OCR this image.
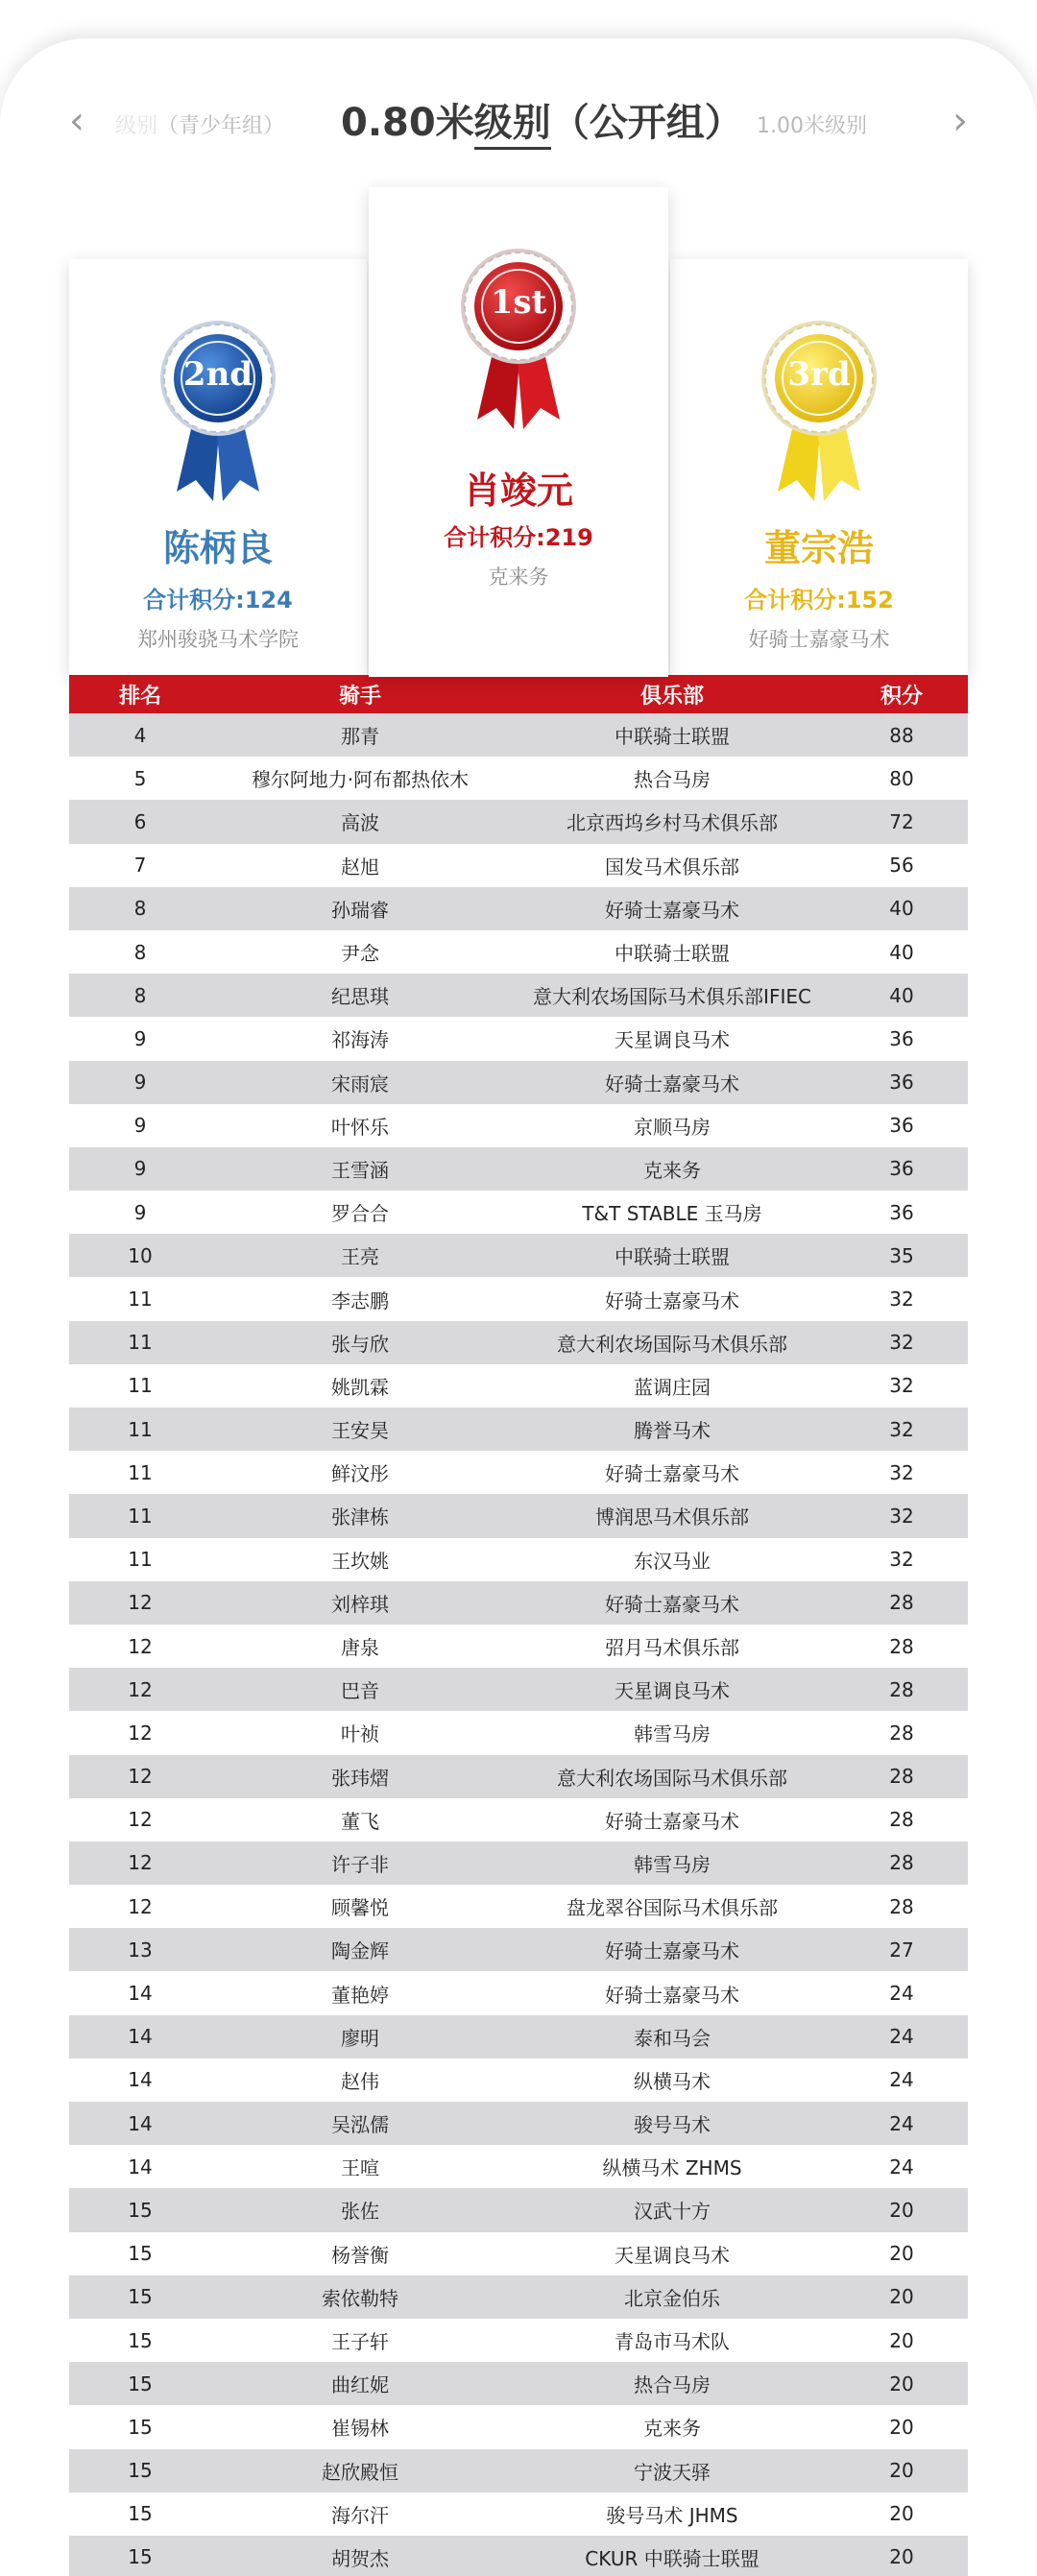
‹	级别（青少年组） 0.80米级别（公开组） 1.00米级别 ›
2nd
陈柄良
合计积分:124
郑州骏骁马术学院
1st
肖竣元
合计积分:219
克来务
3rd
董宗浩
合计积分:152
好骑士嘉豪马术
排名	骑手	俱乐部	积分
4	那青	中联骑士联盟	88
5	穆尔阿地力·阿布都热依木	热合马房	80
6	高波	北京西坞乡村马术俱乐部	72
7	赵旭	国发马术俱乐部	56
8	孙瑞睿	好骑士嘉豪马术	40
8	尹念	中联骑士联盟	40
8	纪思琪	意大利农场国际马术俱乐部IFIEC	40
9	祁海涛	天星调良马术	36
9	宋雨宸	好骑士嘉豪马术	36
9	叶怀乐	京顺马房	36
9	王雪涵	克来务	36
9	罗合合	T&T STABLE 玉马房	36
10	王亮	中联骑士联盟	35
11	李志鹏	好骑士嘉豪马术	32
11	张与欣	意大利农场国际马术俱乐部	32
11	姚凯霖	蓝调庄园	32
11	王安昊	腾誉马术	32
11	鲜汶彤	好骑士嘉豪马术	32
11	张津栋	博润思马术俱乐部	32
11	王坎姚	东汉马业	32
12	刘梓琪	好骑士嘉豪马术	28
12	唐泉	弨月马术俱乐部	28
12	巴音	天星调良马术	28
12	叶祯	韩雪马房	28
12	张玮熠	意大利农场国际马术俱乐部	28
12	董飞	好骑士嘉豪马术	28
12	许子非	韩雪马房	28
12	顾馨悦	盘龙翠谷国际马术俱乐部	28
13	陶金辉	好骑士嘉豪马术	27
14	董艳婷	好骑士嘉豪马术	24
14	廖明	泰和马会	24
14	赵伟	纵横马术	24
14	吴泓儒	骏号马术	24
14	王喧	纵横马术 ZHMS	24
15	张佐	汉武十方	20
15	杨誉衡	天星调良马术	20
15	索依勒特	北京金伯乐	20
15	王子轩	青岛市马术队	20
15	曲红妮	热合马房	20
15	崔锡林	克来务	20
15	赵欣殿恒	宁波天驿	20
15	海尔汗	骏号马术 JHMS	20
15	胡贺杰	CKUR 中联骑士联盟	20
